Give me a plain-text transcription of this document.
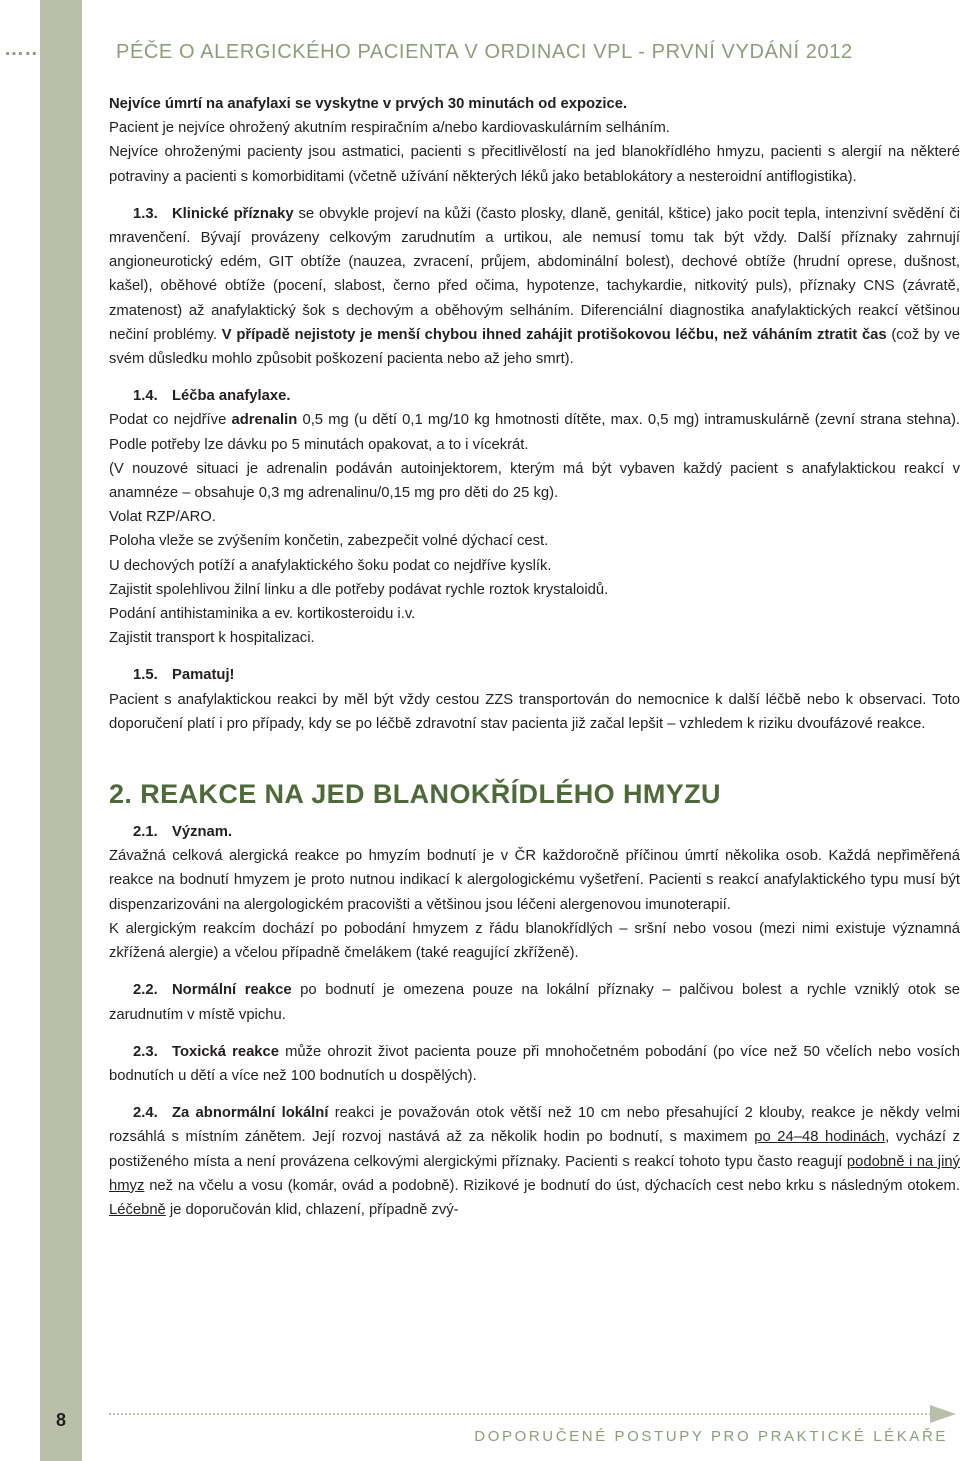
…..	PÉČE O ALERGICKÉHO PACIENTA V ORDINACI VPL - PRVNÍ VYDÁNÍ 2012

Nejvíce úmrtí na anafylaxi se vyskytne v prvých 30 minutách od expozice.

Pacient je nejvíce ohrožený akutním respiračním a/nebo kardiovaskulárním selháním.

Nejvíce ohroženými pacienty jsou astmatici, pacienti s přecitlivělostí na jed blanokřídlého hmyzu, pacienti s alergií na některé potraviny a pacienti s komorbiditami (včetně užívání některých léků jako betablokátory a nesteroidní antiflogistika).

1.3. Klinické příznaky se obvykle projeví na kůži (často plosky, dlaně, genitál, kštice) jako pocit tepla, intenzivní svědění či mravenčení. Bývají provázeny celkovým zarudnutím a urtikou, ale nemusí tomu tak být vždy. Další příznaky zahrnují angioneurotický edém, GIT obtíže (nauzea, zvracení, průjem, abdominální bolest), dechové obtíže (hrudní oprese, dušnost, kašel), oběhové obtíže (pocení, slabost, černo před očima, hypotenze, tachykardie, nitkovitý puls), příznaky CNS (závratě, zmatenost) až anafylaktický šok s dechovým a oběhovým selháním. Diferenciální diagnostika anafylaktických reakcí většinou nečiní problémy. V případě nejistoty je menší chybou ihned zahájit protišokovou léčbu, než váháním ztratit čas (což by ve svém důsledku mohlo způsobit poškození pacienta nebo až jeho smrt).

1.4. Léčba anafylaxe.

Podat co nejdříve adrenalin 0,5 mg (u dětí 0,1 mg/10 kg hmotnosti dítěte, max. 0,5 mg) intramuskulárně (zevní strana stehna). Podle potřeby lze dávku po 5 minutách opakovat, a to i vícekrát.

(V nouzové situaci je adrenalin podáván autoinjektorem, kterým má být vybaven každý pacient s anafylaktickou reakcí v anamnéze – obsahuje 0,3 mg adrenalinu/0,15 mg pro děti do 25 kg).

Volat RZP/ARO.

Poloha vleže se zvýšením končetin, zabezpečit volné dýchací cest.

U dechových potíží a anafylaktického šoku podat co nejdříve kyslík.

Zajistit spolehlivou žilní linku a dle potřeby podávat rychle roztok krystaloidů.

Podání antihistaminika a ev. kortikosteroidu i.v.

Zajistit transport k hospitalizaci.

1.5. Pamatuj!

Pacient s anafylaktickou reakci by měl být vždy cestou ZZS transportován do nemocnice k další léčbě nebo k observaci. Toto doporučení platí i pro případy, kdy se po léčbě zdravotní stav pacienta již začal lepšit – vzhledem k riziku dvoufázové reakce.

2. REAKCE NA JED BLANOKŘÍDLÉHO HMYZU

2.1. Význam.

Závažná celková alergická reakce po hmyzím bodnutí je v ČR každoročně příčinou úmrtí několika osob. Každá nepřiměřená reakce na bodnutí hmyzem je proto nutnou indikací k alergologickému vyšetření. Pacienti s reakcí anafylaktického typu musí být dispenzarizováni na alergologickém pracovišti a většinou jsou léčeni alergenovou imunoterapií.

K alergickým reakcím dochází po pobodání hmyzem z řádu blanokřídlých – sršní nebo vosou (mezi nimi existuje významná zkřížená alergie) a včelou případně čmelákem (také reagující zkříženě).

2.2. Normální reakce po bodnutí je omezena pouze na lokální příznaky – palčivou bolest a rychle vzniklý otok se zarudnutím v místě vpichu.

2.3. Toxická reakce může ohrozit život pacienta pouze při mnohočetném pobodání (po více než 50 včelích nebo vosích bodnutích u dětí a více než 100 bodnutích u dospělých).

2.4. Za abnormální lokální reakci je považován otok větší než 10 cm nebo přesahující 2 klouby, reakce je někdy velmi rozsáhlá s místním zánětem. Její rozvoj nastává až za několik hodin po bodnutí, s maximem po 24–48 hodinách, vychází z postiženého místa a není provázena celkovými alergickými příznaky. Pacienti s reakcí tohoto typu často reagují podobně i na jiný hmyz než na včelu a vosu (komár, ovád a podobně). Rizikové je bodnutí do úst, dýchacích cest nebo krku s následným otokem. Léčebně je doporučován klid, chlazení, případně zvý-

8
DOPORUČENÉ POSTUPY PRO PRAKTICKÉ LÉKAŘE
